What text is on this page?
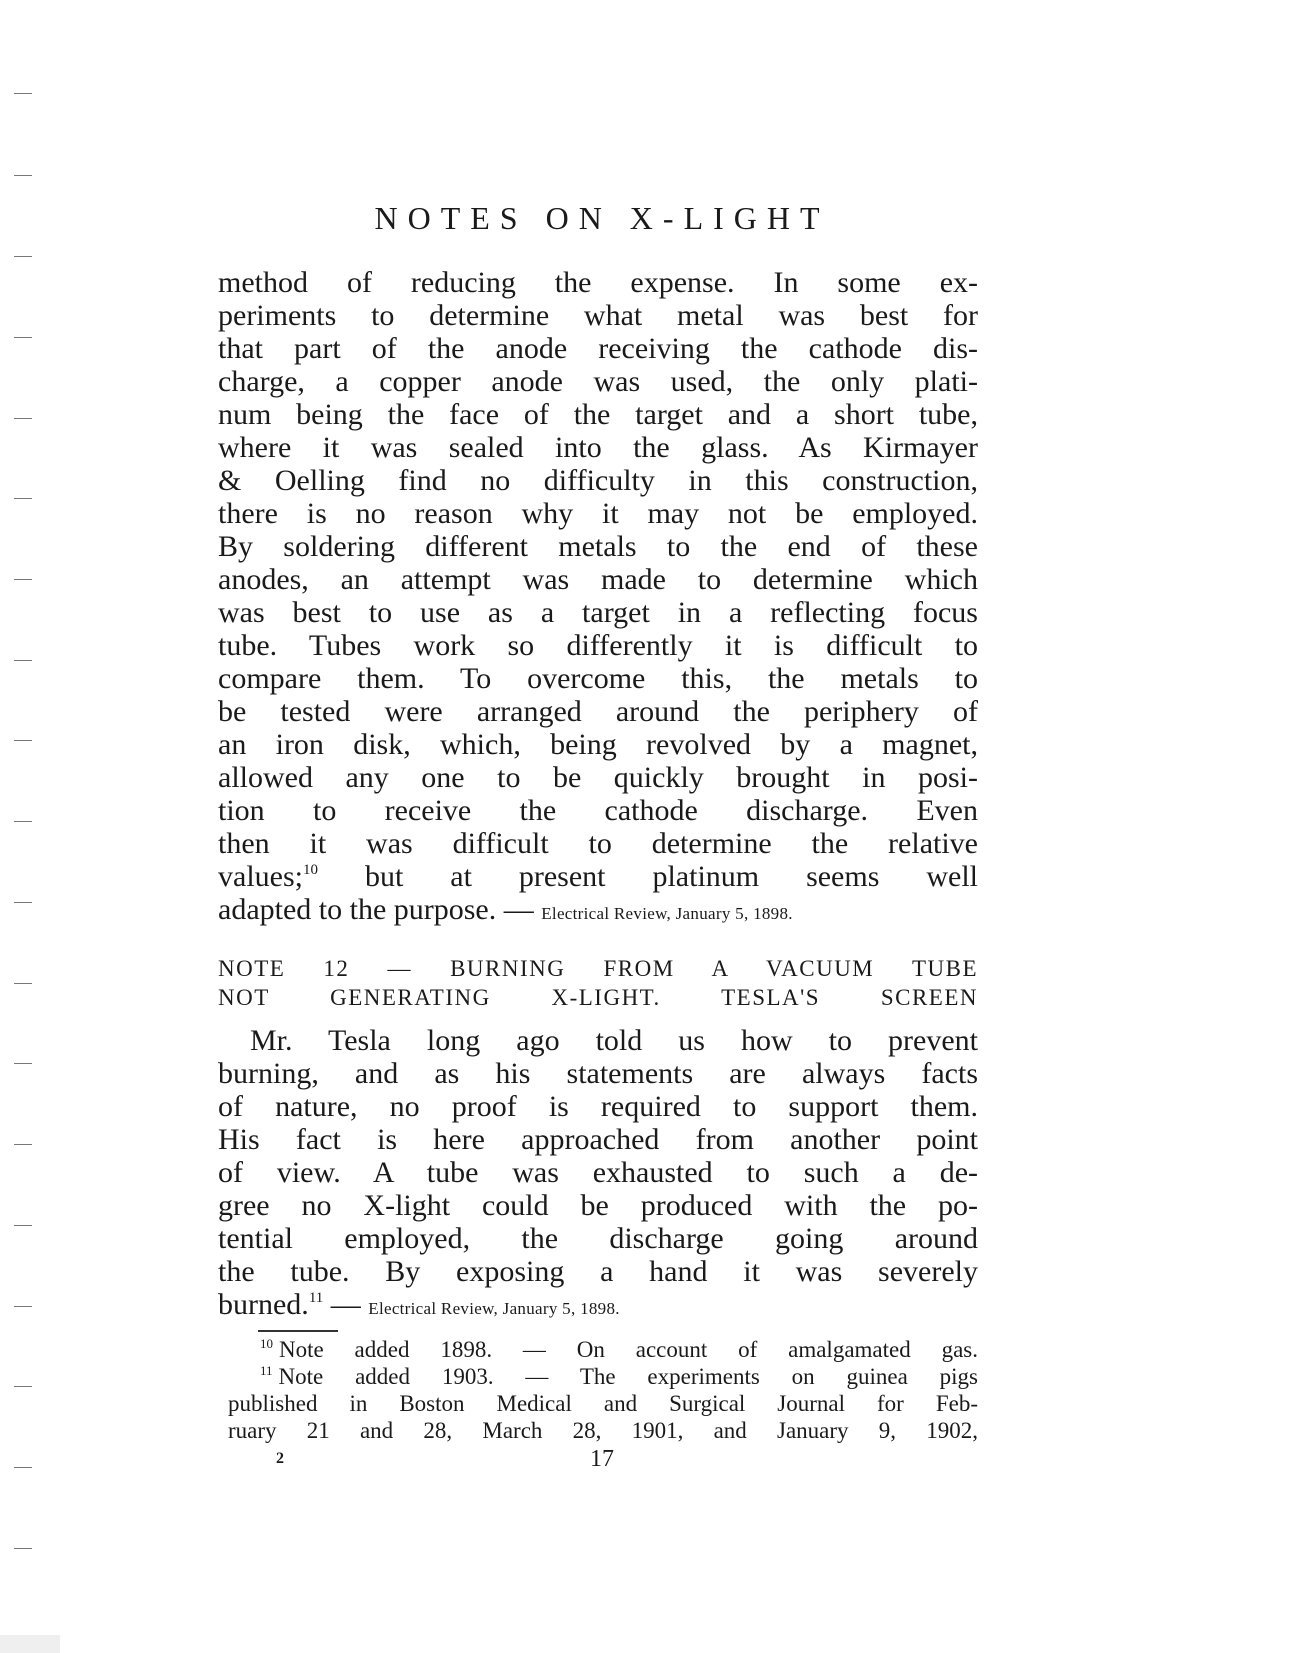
NOTES ON X-LIGHT
method of reducing the expense. In some ex-
periments to determine what metal was best for
that part of the anode receiving the cathode dis-
charge, a copper anode was used, the only plati-
num being the face of the target and a short tube,
where it was sealed into the glass. As Kirmayer
& Oelling find no difficulty in this construction,
there is no reason why it may not be employed.
By soldering different metals to the end of these
anodes, an attempt was made to determine which
was best to use as a target in a reflecting focus
tube. Tubes work so differently it is difficult to
compare them. To overcome this, the metals to
be tested were arranged around the periphery of
an iron disk, which, being revolved by a magnet,
allowed any one to be quickly brought in posi-
tion to receive the cathode discharge. Even
then it was difficult to determine the relative
values;$^{10}$ but at present platinum seems well
adapted to the purpose. — Electrical Review, January 5, 1898.
NOTE 12 — BURNING FROM A VACUUM TUBE
NOT GENERATING X-LIGHT. TESLA'S SCREEN
Mr. Tesla long ago told us how to prevent
burning, and as his statements are always facts
of nature, no proof is required to support them.
His fact is here approached from another point
of view. A tube was exhausted to such a de-
gree no X-light could be produced with the po-
tential employed, the discharge going around
the tube. By exposing a hand it was severely
burned.$^{11}$ — Electrical Review, January 5, 1898.
$^{10}$ Note added 1898. — On account of amalgamated gas.
$^{11}$ Note added 1903. — The experiments on guinea pigs
published in Boston Medical and Surgical Journal for Feb-
ruary 21 and 28, March 28, 1901, and January 9, 1902,
2	17
